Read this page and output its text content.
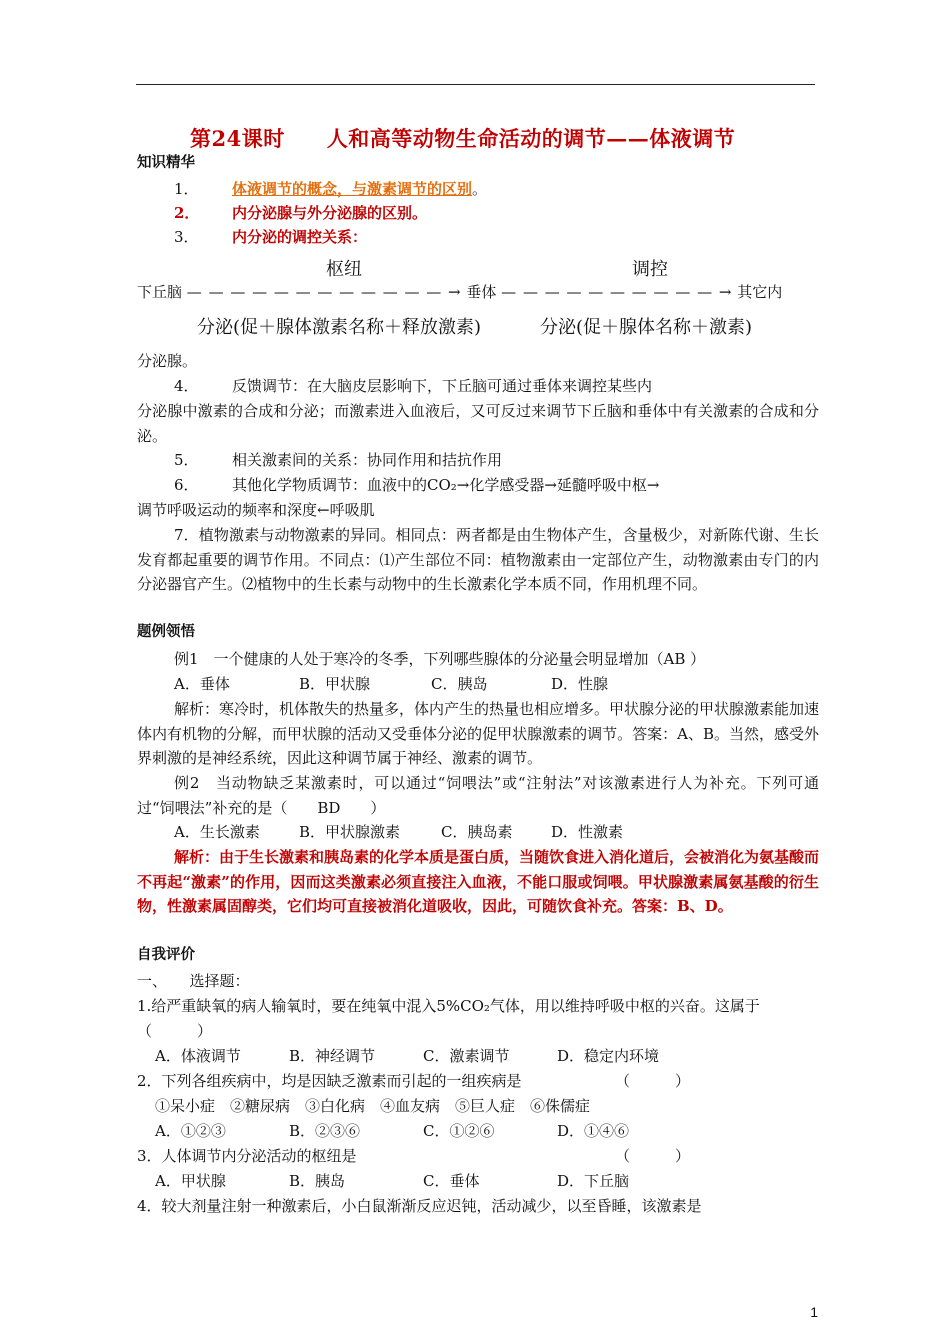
第24课时 人和高等动物生命活动的调节——体液调节
知识精华
1． 体液调节的概念，与激素调节的区别。
2． 内分泌腺与外分泌腺的区别。
3． 内分泌的调控关系：
枢纽	调控
下丘脑 — — — — — — — — — — — — → 垂体 — — — — — — — — — — → 其它内
分泌(促＋腺体激素名称＋释放激素)	分泌(促＋腺体名称＋激素)
分泌腺。
4． 反馈调节：在大脑皮层影响下，下丘脑可通过垂体来调控某些内
分泌腺中激素的合成和分泌；而激素进入血液后，又可反过来调节下丘脑和垂体中有关激素的合成和分泌。
5． 相关激素间的关系：协同作用和拮抗作用
6． 其他化学物质调节：血液中的CO₂→化学感受器→延髓呼吸中枢→
调节呼吸运动的频率和深度←呼吸肌
7．植物激素与动物激素的异同。相同点：两者都是由生物体产生，含量极少，对新陈代谢、生长发育都起重要的调节作用。不同点：⑴产生部位不同：植物激素由一定部位产生，动物激素由专门的内分泌器官产生。⑵植物中的生长素与动物中的生长激素化学本质不同，作用机理不同。
题例领悟
例1　一个健康的人处于寒冷的冬季，下列哪些腺体的分泌量会明显增加（AB ）
A．垂体	B．甲状腺	C．胰岛	D．性腺
解析：寒冷时，机体散失的热量多，体内产生的热量也相应增多。甲状腺分泌的甲状腺激素能加速体内有机物的分解，而甲状腺的活动又受垂体分泌的促甲状腺激素的调节。答案：A、B。当然，感受外界刺激的是神经系统，因此这种调节属于神经、激素的调节。
例2　当动物缺乏某激素时，可以通过“饲喂法”或“注射法”对该激素进行人为补充。下列可通过“饲喂法”补充的是（　　BD　　）
A．生长激素	B．甲状腺激素	C．胰岛素	D．性激素
解析：由于生长激素和胰岛素的化学本质是蛋白质，当随饮食进入消化道后，会被消化为氨基酸而不再起“激素”的作用，因而这类激素必须直接注入血液，不能口服或饲喂。甲状腺激素属氨基酸的衍生物，性激素属固醇类，它们均可直接被消化道吸收，因此，可随饮食补充。答案：B、D。
自我评价
一、　　选择题：
1.给严重缺氧的病人输氧时，要在纯氧中混入5%CO₂气体，用以维持呼吸中枢的兴奋。这属于
（　　　）
A．体液调节	B．神经调节	C．激素调节	D．稳定内环境
2．下列各组疾病中，均是因缺乏激素而引起的一组疾病是	（　　　）
①呆小症　②糖尿病　③白化病　④血友病　⑤巨人症　⑥侏儒症
A．①②③	B．②③⑥	C．①②⑥	D．①④⑥
3．人体调节内分泌活动的枢纽是	（　　　）
A．甲状腺	B．胰岛	C．垂体	D．下丘脑
4．较大剂量注射一种激素后，小白鼠渐渐反应迟钝，活动减少，以至昏睡，该激素是
1
